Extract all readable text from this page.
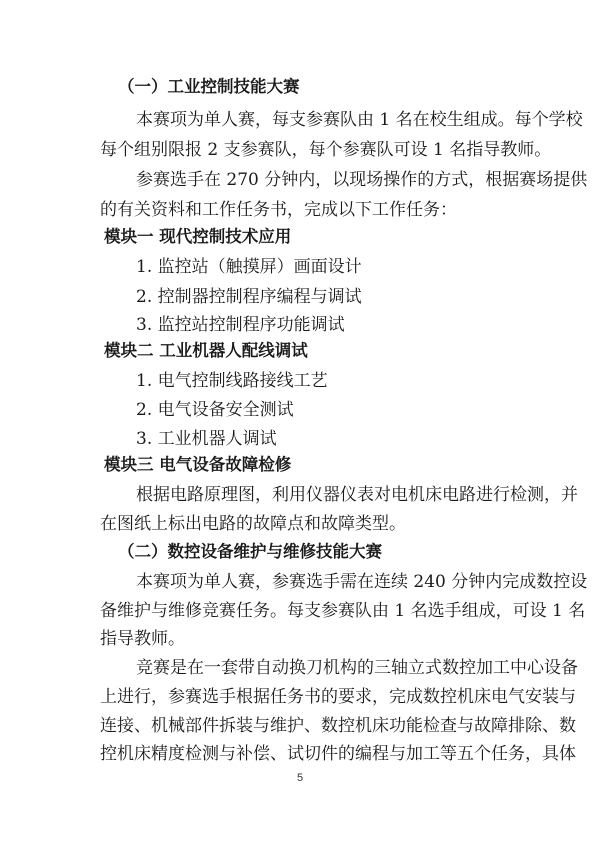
（一）工业控制技能大赛
本赛项为单人赛，每支参赛队由 1 名在校生组成。每个学校
每个组别限报 2 支参赛队，每个参赛队可设 1 名指导教师。
参赛选手在 270 分钟内，以现场操作的方式，根据赛场提供
的有关资料和工作任务书，完成以下工作任务：
模块一 现代控制技术应用
1. 监控站（触摸屏）画面设计
2. 控制器控制程序编程与调试
3. 监控站控制程序功能调试
模块二 工业机器人配线调试
1. 电气控制线路接线工艺
2. 电气设备安全测试
3. 工业机器人调试
模块三 电气设备故障检修
根据电路原理图，利用仪器仪表对电机床电路进行检测，并
在图纸上标出电路的故障点和故障类型。
（二）数控设备维护与维修技能大赛
本赛项为单人赛，参赛选手需在连续 240 分钟内完成数控设
备维护与维修竞赛任务。每支参赛队由 1 名选手组成，可设 1 名
指导教师。
竞赛是在一套带自动换刀机构的三轴立式数控加工中心设备
上进行，参赛选手根据任务书的要求，完成数控机床电气安装与
连接、机械部件拆装与维护、数控机床功能检查与故障排除、数
控机床精度检测与补偿、试切件的编程与加工等五个任务，具体
5
